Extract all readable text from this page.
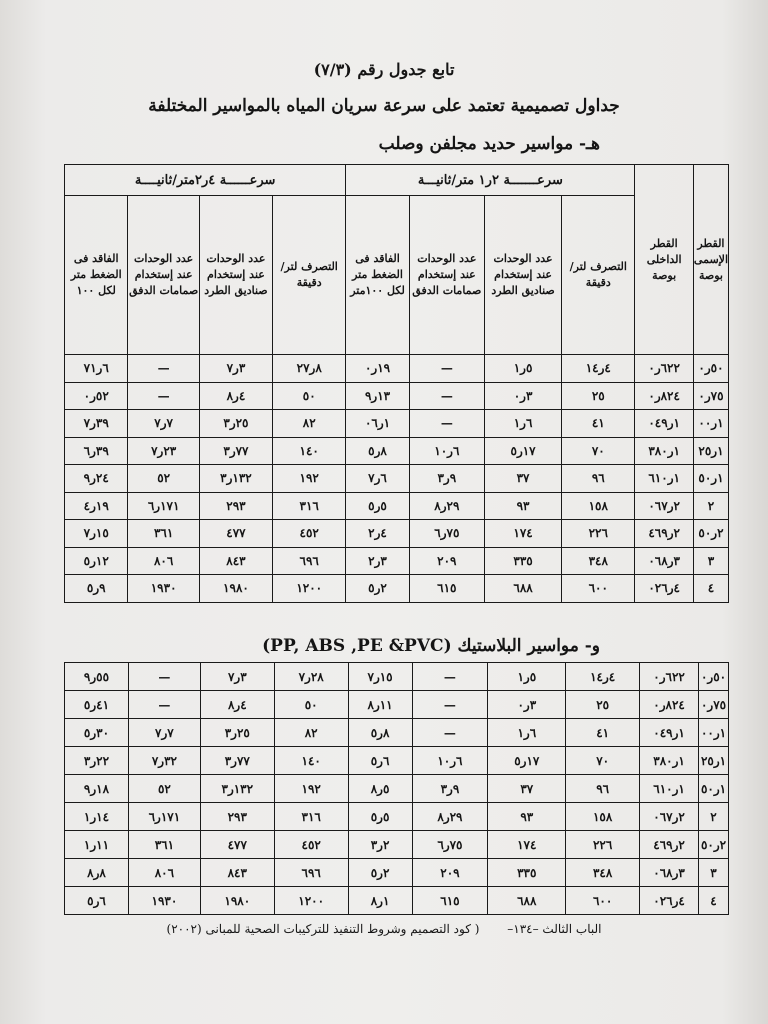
تابع جدول رقم (٧/٣)
جداول تصميمية تعتمد على سرعة سريان المياه بالمواسير المختلفة
هـ- مواسير حديد مجلفن وصلب
القطر الإسمى بوصة	القطر الداخلى بوصة	سرعـــــــة ٢ر١ متر/ثانيـــة				سرعــــــة ٤ر٢متر/ثانيــــة			
		التصرف لتر/ دقيقة	عدد الوحدات عند إستخدام صناديق الطرد	عدد الوحدات عند إستخدام صمامات الدفق	الفاقد فى الضغط متر لكل ١٠٠متر	التصرف لتر/ دقيقة	عدد الوحدات عند إستخدام صناديق الطرد	عدد الوحدات عند إستخدام صمامات الدفق	الفاقد فى الضغط متر لكل ١٠٠
٥٠ر٠	٦٢٢ر٠	٤ر١٤	٥ر١	—	١٩ر٠	٨ر٢٧	٣ر٧	—	٦ر٧١
٧٥ر٠	٨٢٤ر٠	٢٥	٣ر٠	—	١٣ر٩	٥٠	٤ر٨	—	٥٢ر٠
١ر٠٠	١ر٠٤٩	٤١	٦ر١	—	١ر٠٦	٨٢	٢٥ر٣	٧ر٧	٣٩ر٧
١ر٢٥	١ر٣٨٠	٧٠	١٧ر٥	٦ر١٠	٨ر٥	١٤٠	٧٧ر٣	٢٣ر٧	٣٩ر٦
١ر٥٠	١ر٦١٠	٩٦	٣٧	٩ر٣	٦ر٧	١٩٢	١٣٢ر٣	٥٢	٢٤ر٩
٢	٢ر٠٦٧	١٥٨	٩٣	٢٩ر٨	٥ر٥	٣١٦	٢٩٣	١٧١ر٦	١٩ر٤
٢ر٥٠	٢ر٤٦٩	٢٢٦	١٧٤	٧٥ر٦	٤ر٢	٤٥٢	٤٧٧	٣٦١	١٥ر٧
٣	٣ر٠٦٨	٣٤٨	٣٣٥	٢٠٩	٣ر٢	٦٩٦	٨٤٣	٨٠٦	١٢ر٥
٤	٤ر٠٢٦	٦٠٠	٦٨٨	٦١٥	٢ر٥	١٢٠٠	١٩٨٠	١٩٣٠	٩ر٥
و- مواسير البلاستيك (PP, ABS ,PE &PVC)
٥٠ر٠	٦٢٢ر٠	٤ر١٤	٥ر١	—	١٥ر٧	٢٨ر٧	٣ر٧	—	٥٥ر٩
٧٥ر٠	٨٢٤ر٠	٢٥	٣ر٠	—	١١ر٨	٥٠	٤ر٨	—	٤١ر٥
١ر٠٠	١ر٠٤٩	٤١	٦ر١	—	٨ر٥	٨٢	٢٥ر٣	٧ر٧	٣٠ر٥
١ر٢٥	١ر٣٨٠	٧٠	١٧ر٥	٦ر١٠	٦ر٥	١٤٠	٧٧ر٣	٣٢ر٧	٢٢ر٣
١ر٥٠	١ر٦١٠	٩٦	٣٧	٩ر٣	٥ر٨	١٩٢	١٣٢ر٣	٥٢	١٨ر٩
٢	٢ر٠٦٧	١٥٨	٩٣	٢٩ر٨	٥ر٥	٣١٦	٢٩٣	١٧١ر٦	١٤ر١
٢ر٥٠	٢ر٤٦٩	٢٢٦	١٧٤	٧٥ر٦	٢ر٣	٤٥٢	٤٧٧	٣٦١	١١ر١
٣	٣ر٠٦٨	٣٤٨	٣٣٥	٢٠٩	٢ر٥	٦٩٦	٨٤٣	٨٠٦	٨ر٨
٤	٤ر٠٢٦	٦٠٠	٦٨٨	٦١٥	١ر٨	١٢٠٠	١٩٨٠	١٩٣٠	٦ر٥
الباب الثالث –١٣٤– ( كود التصميم وشروط التنفيذ للتركيبات الصحية للمبانى (٢٠٠٢)
